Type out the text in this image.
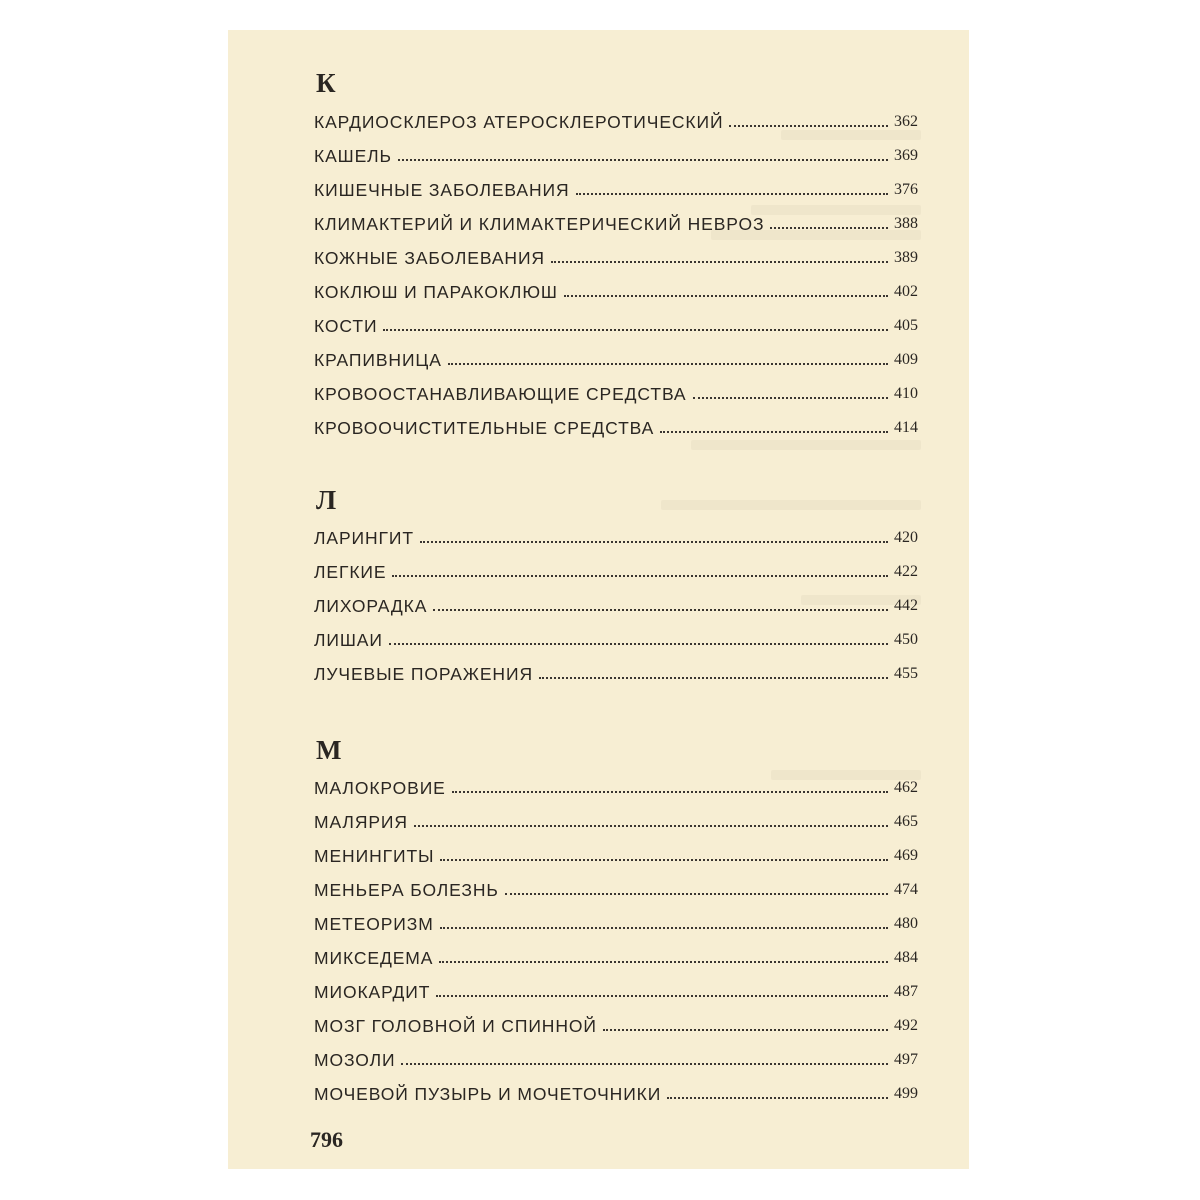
К
КАРДИОСКЛЕРОЗ АТЕРОСКЛЕРОТИЧЕСКИЙ	362
КАШЕЛЬ	369
КИШЕЧНЫЕ ЗАБОЛЕВАНИЯ	376
КЛИМАКТЕРИЙ И КЛИМАКТЕРИЧЕСКИЙ НЕВРОЗ	388
КОЖНЫЕ ЗАБОЛЕВАНИЯ	389
КОКЛЮШ И ПАРАКОКЛЮШ	402
КОСТИ	405
КРАПИВНИЦА	409
КРОВООСТАНАВЛИВАЮЩИЕ СРЕДСТВА	410
КРОВООЧИСТИТЕЛЬНЫЕ СРЕДСТВА	414
Л
ЛАРИНГИТ	420
ЛЕГКИЕ	422
ЛИХОРАДКА	442
ЛИШАИ	450
ЛУЧЕВЫЕ ПОРАЖЕНИЯ	455
М
МАЛОКРОВИЕ	462
МАЛЯРИЯ	465
МЕНИНГИТЫ	469
МЕНЬЕРА БОЛЕЗНЬ	474
МЕТЕОРИЗМ	480
МИКСЕДЕМА	484
МИОКАРДИТ	487
МОЗГ ГОЛОВНОЙ И СПИННОЙ	492
МОЗОЛИ	497
МОЧЕВОЙ ПУЗЫРЬ И МОЧЕТОЧНИКИ	499
796
